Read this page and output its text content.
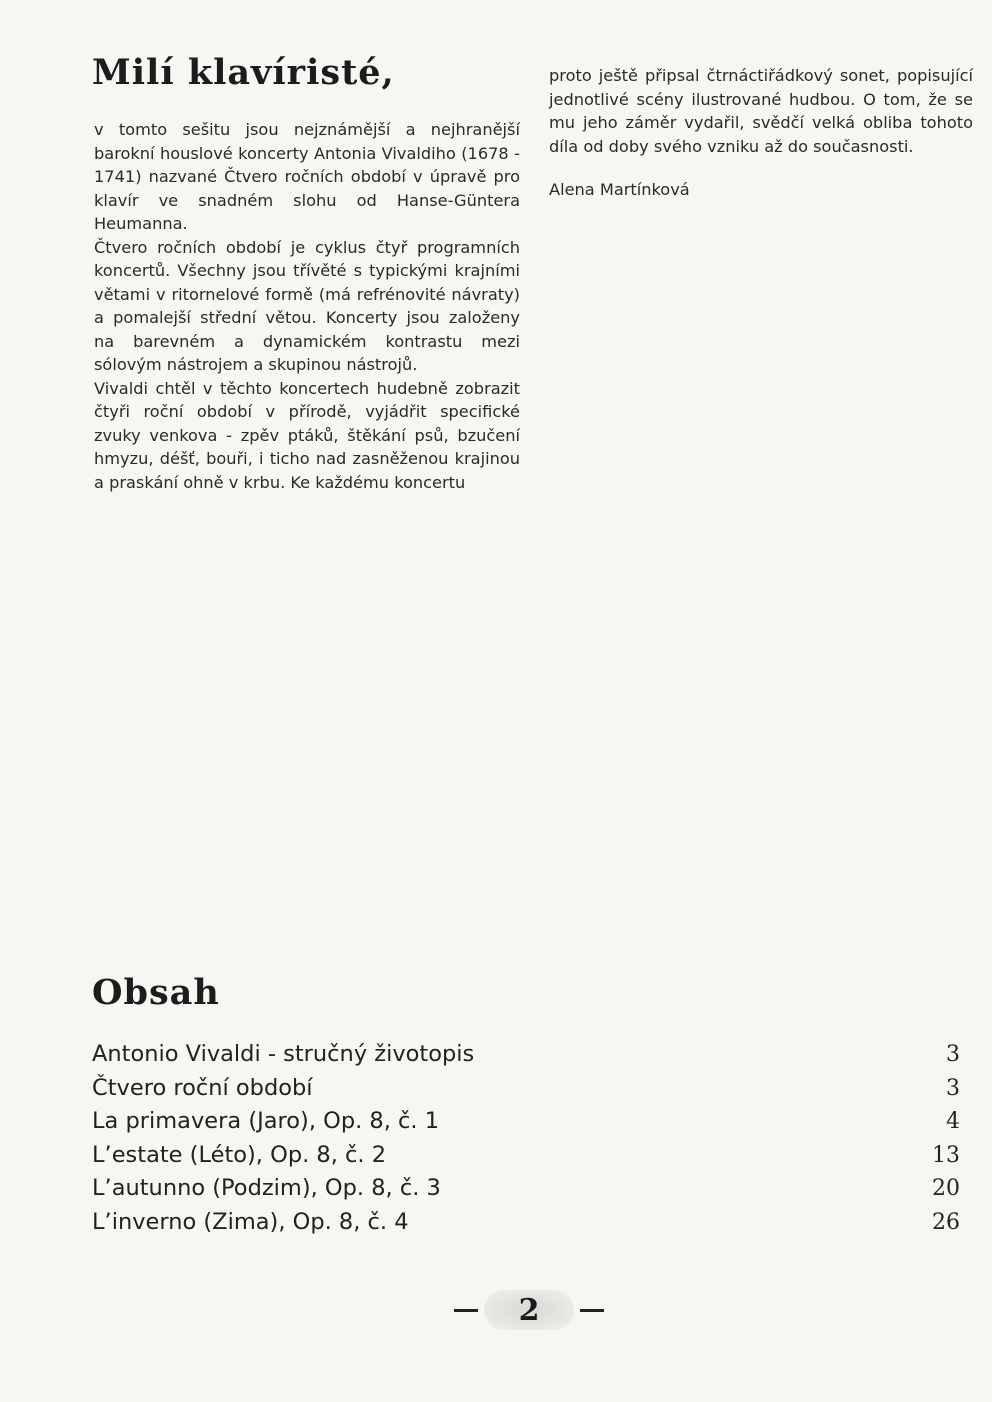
Milí klavíristé,

v tomto sešitu jsou nejznámější a nejhranější barokní houslové koncerty Antonia Vivaldiho (1678 - 1741) nazvané Čtvero ročních období v úpravě pro klavír ve snadném slohu od Hanse-Güntera Heumanna.

Čtvero ročních období je cyklus čtyř programních koncertů. Všechny jsou třívěté s typickými krajními větami v ritornelové formě (má refrénovité návraty) a pomalejší střední větou. Koncerty jsou založeny na barevném a dynamickém kontrastu mezi sólovým nástrojem a skupinou nástrojů.

Vivaldi chtěl v těchto koncertech hudebně zobrazit čtyři roční období v přírodě, vyjádřit specifické zvuky venkova - zpěv ptáků, štěkání psů, bzučení hmyzu, déšť, bouři, i ticho nad zasněženou krajinou a praskání ohně v krbu. Ke každému koncertu

proto ještě připsal čtrnáctiřádkový sonet, popisující jednotlivé scény ilustrované hudbou. O tom, že se mu jeho záměr vydařil, svědčí velká obliba tohoto díla od doby svého vzniku až do současnosti.

Alena Martínková

Obsah
Antonio Vivaldi - stručný životopis	3
Čtvero roční období	3
La primavera (Jaro), Op. 8, č. 1	4
L’estate (Léto), Op. 8, č. 2	13
L’autunno (Podzim), Op. 8, č. 3	20
L’inverno (Zima), Op. 8, č. 4	26
2
